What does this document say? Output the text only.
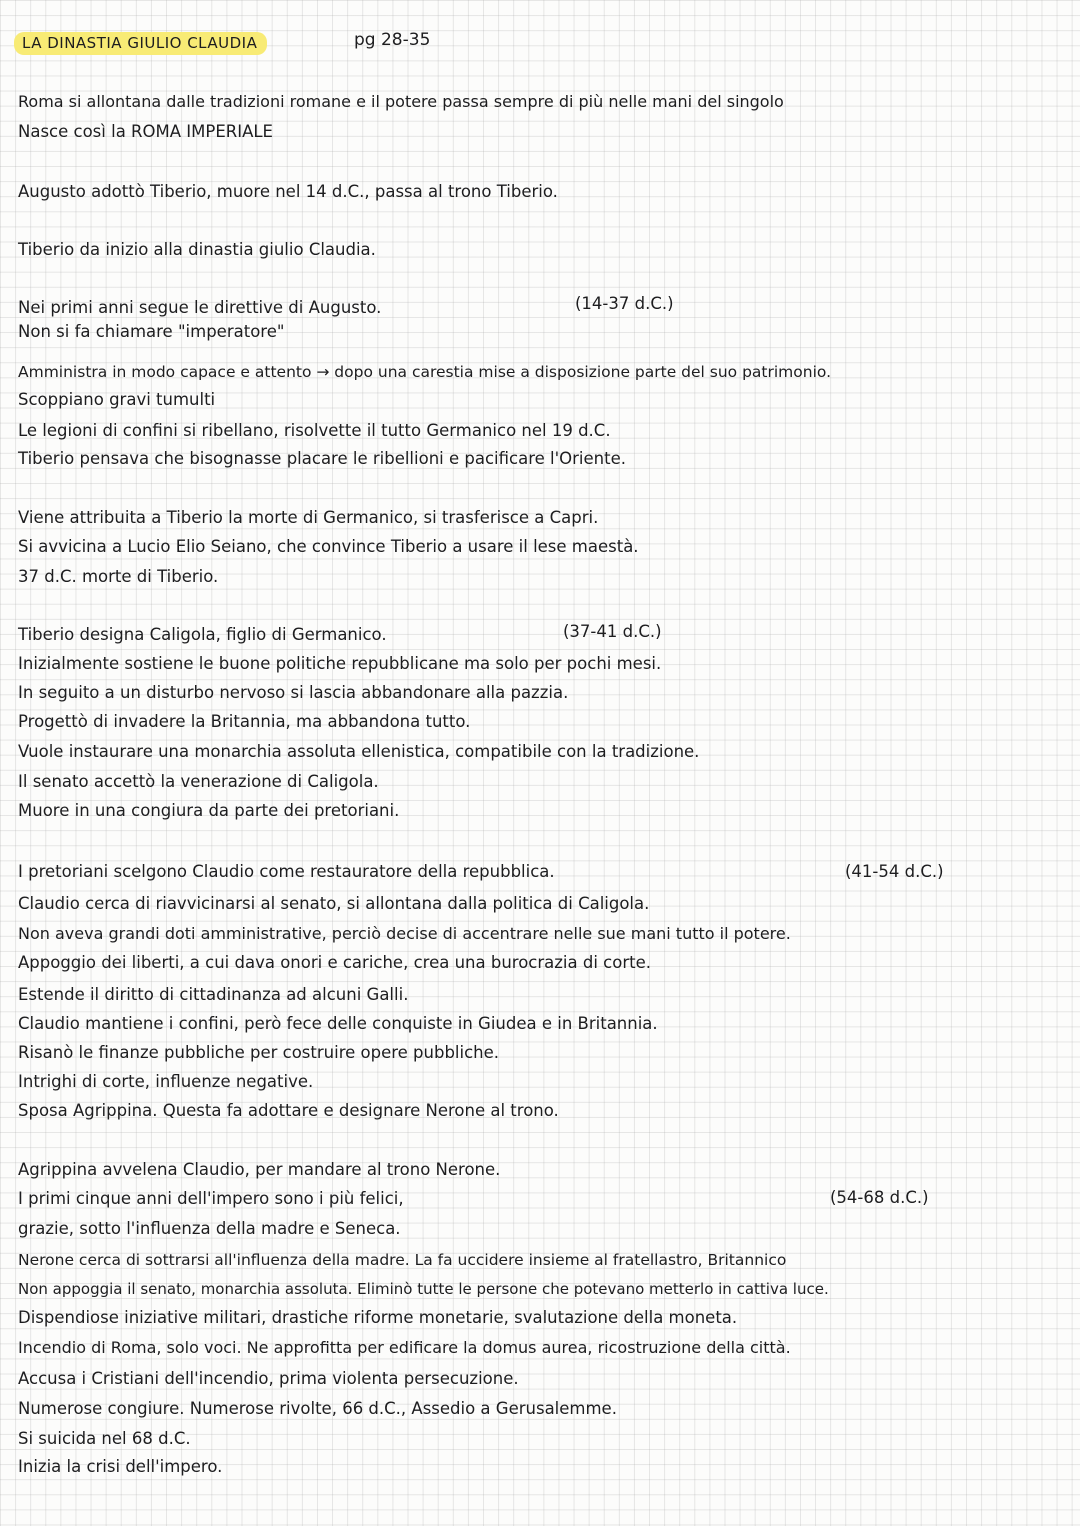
LA DINASTIA GIULIO CLAUDIA	pg 28-35
Roma si allontana dalle tradizioni romane e il potere passa sempre di più nelle mani del singolo
Nasce così la ROMA IMPERIALE
Augusto adottò Tiberio, muore nel 14 d.C., passa al trono Tiberio.
Tiberio da inizio alla dinastia giulio Claudia.
Nei primi anni segue le direttive di Augusto.	(14-37 d.C.)
Non si fa chiamare "imperatore"
Amministra in modo capace e attento → dopo una carestia mise a disposizione parte del suo patrimonio.
Scoppiano gravi tumulti
Le legioni di confini si ribellano, risolvette il tutto Germanico nel 19 d.C.
Tiberio pensava che bisognasse placare le ribellioni e pacificare l'Oriente.
Viene attribuita a Tiberio la morte di Germanico, si trasferisce a Capri.
Si avvicina a Lucio Elio Seiano, che convince Tiberio a usare il lese maestà.
37 d.C. morte di Tiberio.
Tiberio designa Caligola, figlio di Germanico.	(37-41 d.C.)
Inizialmente sostiene le buone politiche repubblicane ma solo per pochi mesi.
In seguito a un disturbo nervoso si lascia abbandonare alla pazzia.
Progettò di invadere la Britannia, ma abbandona tutto.
Vuole instaurare una monarchia assoluta ellenistica, compatibile con la tradizione.
Il senato accettò la venerazione di Caligola.
Muore in una congiura da parte dei pretoriani.
I pretoriani scelgono Claudio come restauratore della repubblica.	(41-54 d.C.)
Claudio cerca di riavvicinarsi al senato, si allontana dalla politica di Caligola.
Non aveva grandi doti amministrative, perciò decise di accentrare nelle sue mani tutto il potere.
Appoggio dei liberti, a cui dava onori e cariche, crea una burocrazia di corte.
Estende il diritto di cittadinanza ad alcuni Galli.
Claudio mantiene i confini, però fece delle conquiste in Giudea e in Britannia.
Risanò le finanze pubbliche per costruire opere pubbliche.
Intrighi di corte, influenze negative.
Sposa Agrippina. Questa fa adottare e designare Nerone al trono.
Agrippina avvelena Claudio, per mandare al trono Nerone.
I primi cinque anni dell'impero sono i più felici,	(54-68 d.C.)
grazie, sotto l'influenza della madre e Seneca.
Nerone cerca di sottrarsi all'influenza della madre. La fa uccidere insieme al fratellastro, Britannico
Non appoggia il senato, monarchia assoluta. Eliminò tutte le persone che potevano metterlo in cattiva luce.
Dispendiose iniziative militari, drastiche riforme monetarie, svalutazione della moneta.
Incendio di Roma, solo voci. Ne approfitta per edificare la domus aurea, ricostruzione della città.
Accusa i Cristiani dell'incendio, prima violenta persecuzione.
Numerose congiure. Numerose rivolte, 66 d.C., Assedio a Gerusalemme.
Si suicida nel 68 d.C.
Inizia la crisi dell'impero.
